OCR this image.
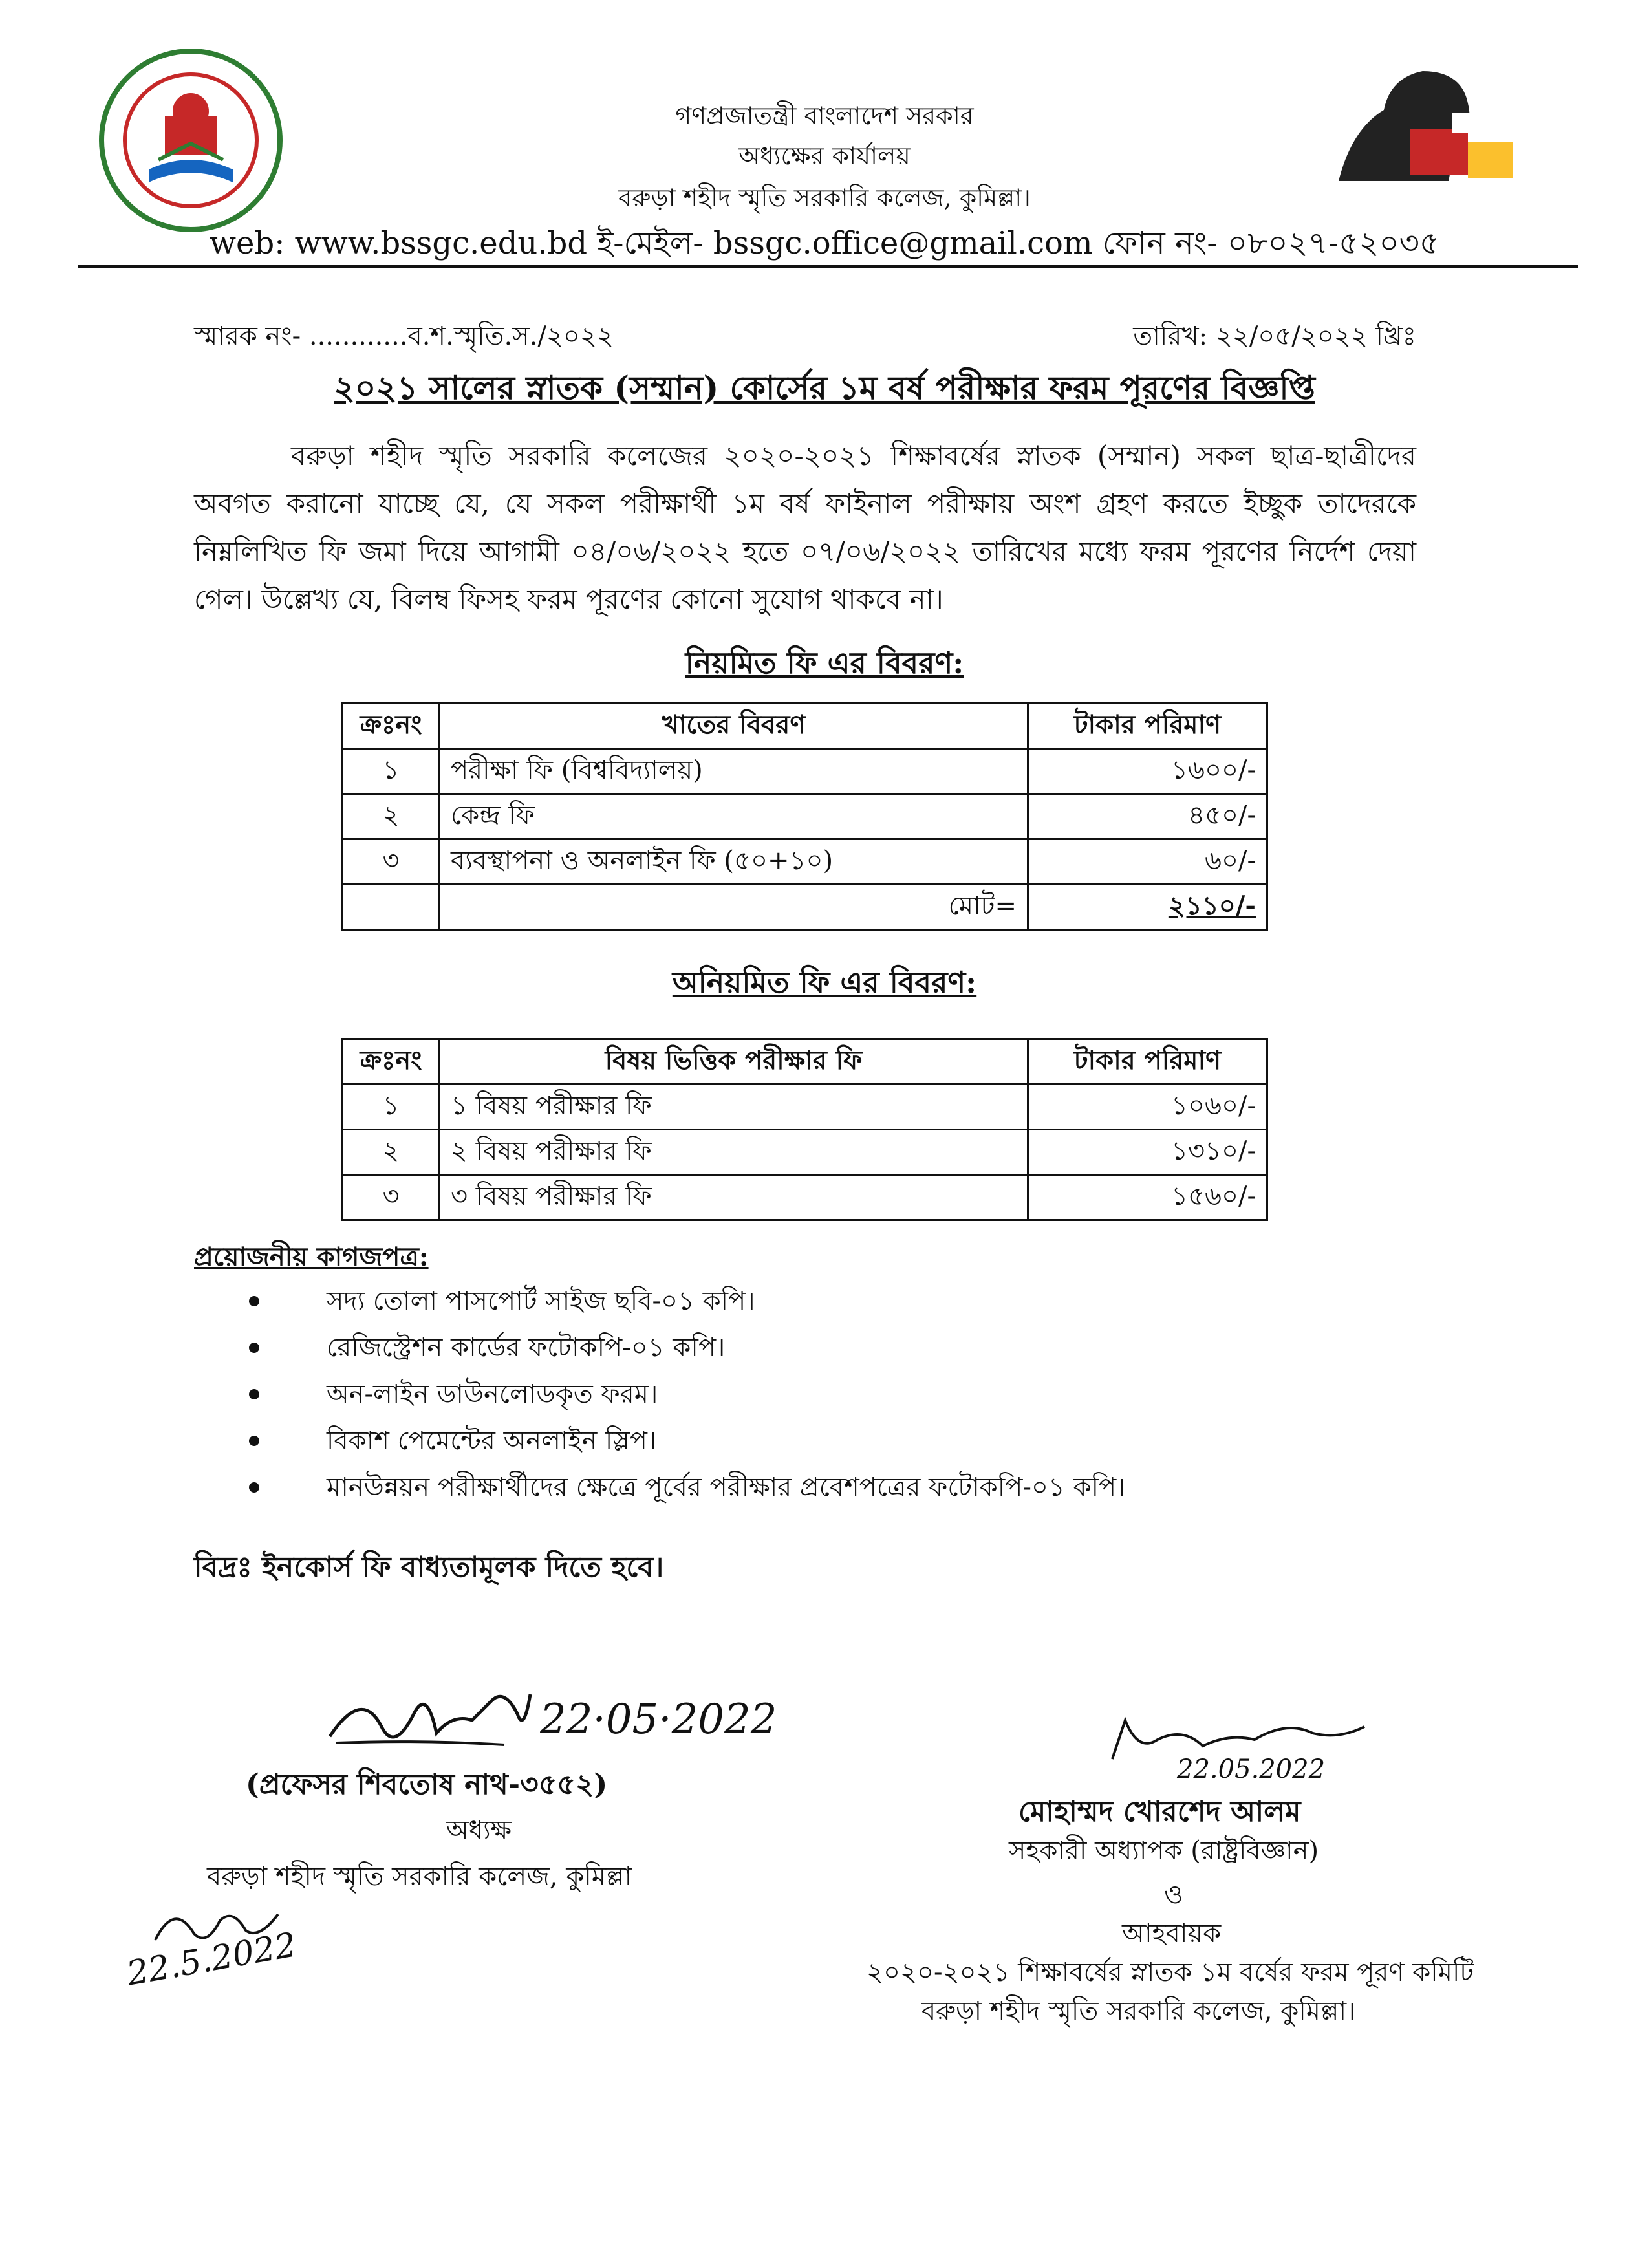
গণপ্রজাতন্ত্রী বাংলাদেশ সরকার
অধ্যক্ষের কার্যালয়
বরুড়া শহীদ স্মৃতি সরকারি কলেজ, কুমিল্লা।
web: www.bssgc.edu.bd ই-মেইল- bssgc.office@gmail.com ফোন নং- ০৮০২৭-৫২০৩৫
স্মারক নং- ............ব.শ.স্মৃতি.স./২০২২	তারিখ: ২২/০৫/২০২২ খ্রিঃ
২০২১ সালের স্নাতক (সম্মান) কোর্সের ১ম বর্ষ পরীক্ষার ফরম পূরণের বিজ্ঞপ্তি
বরুড়া শহীদ স্মৃতি সরকারি কলেজের ২০২০-২০২১ শিক্ষাবর্ষের স্নাতক (সম্মান) সকল ছাত্র-ছাত্রীদের অবগত করানো যাচ্ছে যে, যে সকল পরীক্ষার্থী ১ম বর্ষ ফাইনাল পরীক্ষায় অংশ গ্রহণ করতে ইচ্ছুক তাদেরকে নিম্নলিখিত ফি জমা দিয়ে আগামী ০৪/০৬/২০২২ হতে ০৭/০৬/২০২২ তারিখের মধ্যে ফরম পূরণের নির্দেশ দেয়া গেল। উল্লেখ্য যে, বিলম্ব ফিসহ ফরম পূরণের কোনো সুযোগ থাকবে না।
নিয়মিত ফি এর বিবরণ:
ক্রঃনং	খাতের বিবরণ	টাকার পরিমাণ
১	পরীক্ষা ফি (বিশ্ববিদ্যালয়)	১৬০০/-
২	কেন্দ্র ফি	৪৫০/-
৩	ব্যবস্থাপনা ও অনলাইন ফি (৫০+১০)	৬০/-
	মোট=	২১১০/-
অনিয়মিত ফি এর বিবরণ:
ক্রঃনং	বিষয় ভিত্তিক পরীক্ষার ফি	টাকার পরিমাণ
১	১ বিষয় পরীক্ষার ফি	১০৬০/-
২	২ বিষয় পরীক্ষার ফি	১৩১০/-
৩	৩ বিষয় পরীক্ষার ফি	১৫৬০/-
প্রয়োজনীয় কাগজপত্র:
সদ্য তোলা পাসপোর্ট সাইজ ছবি-০১ কপি।
রেজিস্ট্রেশন কার্ডের ফটোকপি-০১ কপি।
অন-লাইন ডাউনলোডকৃত ফরম।
বিকাশ পেমেন্টের অনলাইন স্লিপ।
মানউন্নয়ন পরীক্ষার্থীদের ক্ষেত্রে পূর্বের পরীক্ষার প্রবেশপত্রের ফটোকপি-০১ কপি।
বিদ্রঃ ইনকোর্স ফি বাধ্যতামূলক দিতে হবে।
22·05·2022
(প্রফেসর শিবতোষ নাথ-৩৫৫২)
অধ্যক্ষ
বরুড়া শহীদ স্মৃতি সরকারি কলেজ, কুমিল্লা
22.5.2022
22.05.2022
মোহাম্মদ খোরশেদ আলম
সহকারী অধ্যাপক (রাষ্ট্রবিজ্ঞান)
ও
আহবায়ক
২০২০-২০২১ শিক্ষাবর্ষের স্নাতক ১ম বর্ষের ফরম পূরণ কমিটি
বরুড়া শহীদ স্মৃতি সরকারি কলেজ, কুমিল্লা।
